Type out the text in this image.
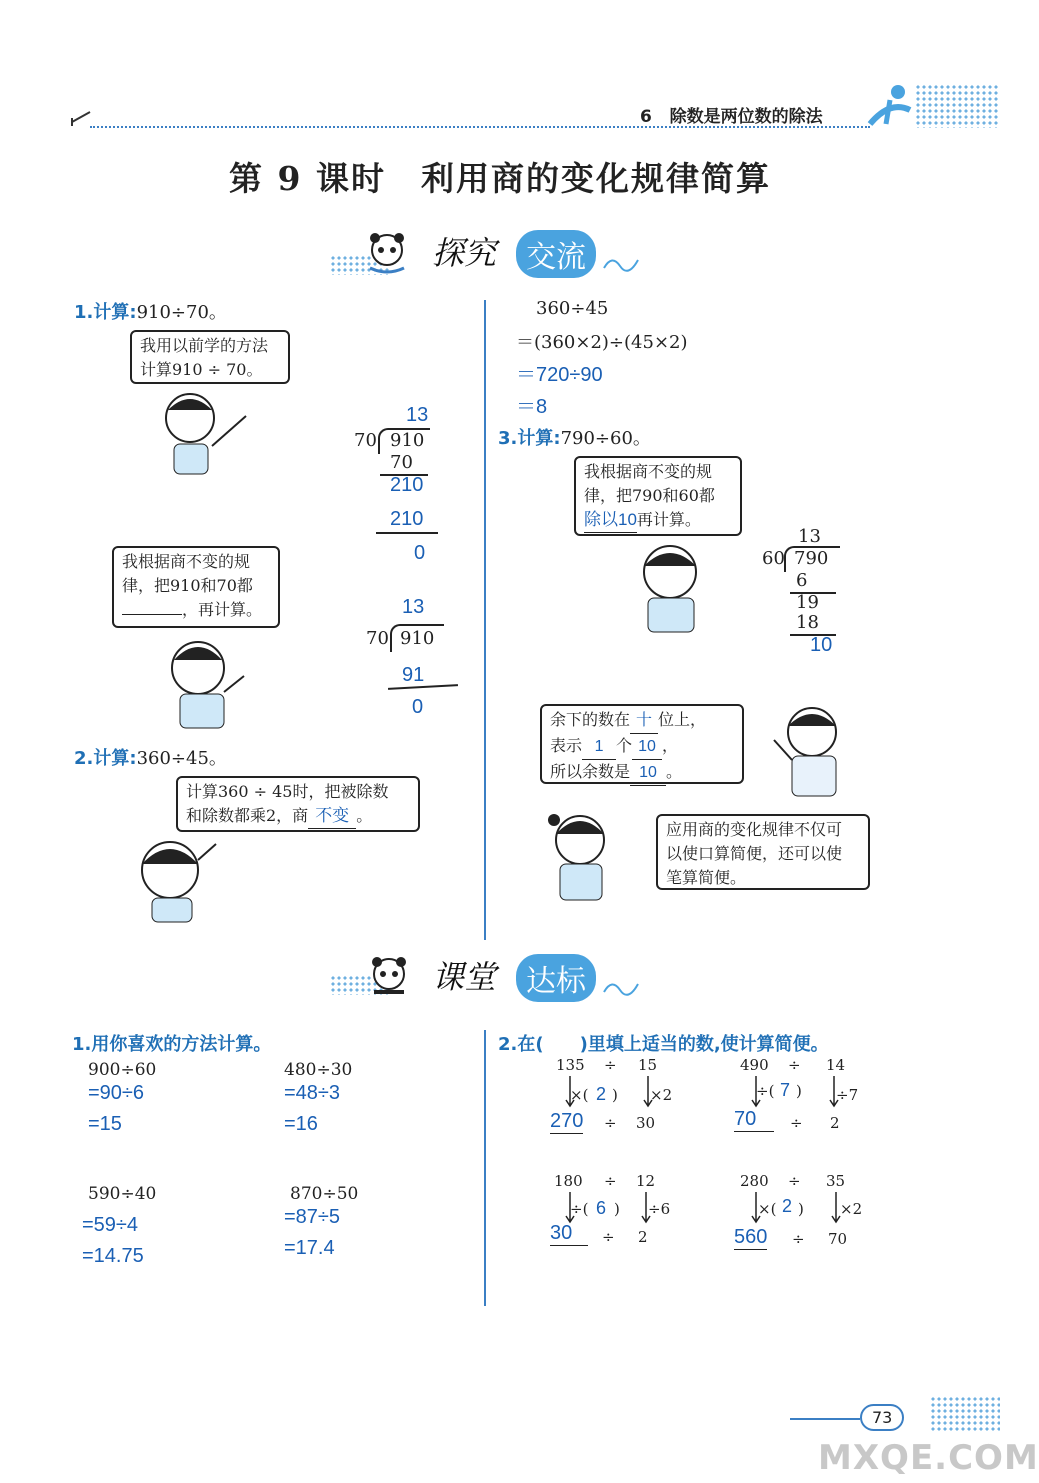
6 除数是两位数的除法
第 9 课时　利用商的变化规律简算
探究 交流
1.计算:910÷70。
我用以前学的方法
计算910 ÷ 70。
13
70 910
70
210
210
0
我根据商不变的规
律，把910和70都
，再计算。	13
70 910
91
0
2.计算:360÷45。
计算360 ÷ 45时，把被除数
和除数都乘2，商 不变 。
360÷45
＝(360×2)÷(45×2)
＝720÷90
＝8
3.计算:790÷60。
我根据商不变的规
律，把790和60都
除以10再计算。
13
60 790
6
19
18
10
余下的数在 十 位上，
表示 1 个 10 ，
所以余数是 10 。
应用商的变化规律不仅可
以使口算简便，还可以使
笔算简便。
课堂 达标
1.用你喜欢的方法计算。
900÷60
=90÷6
=15
480÷30
=48÷3
=16
590÷40
=59÷4
=14.75
870÷50
=87÷5
=17.4
2.在(　　)里填上适当的数,使计算简便。
135 ÷ 15
×( 2 ) ×2
270 ÷ 30
490 ÷ 14
÷( 7 ) ÷7
70	÷ 2
180 ÷ 12
÷( 6 ) ÷6
30	÷ 2
280 ÷ 35
×( 2 ) ×2
560 ÷ 70
73
MXQE.COM
